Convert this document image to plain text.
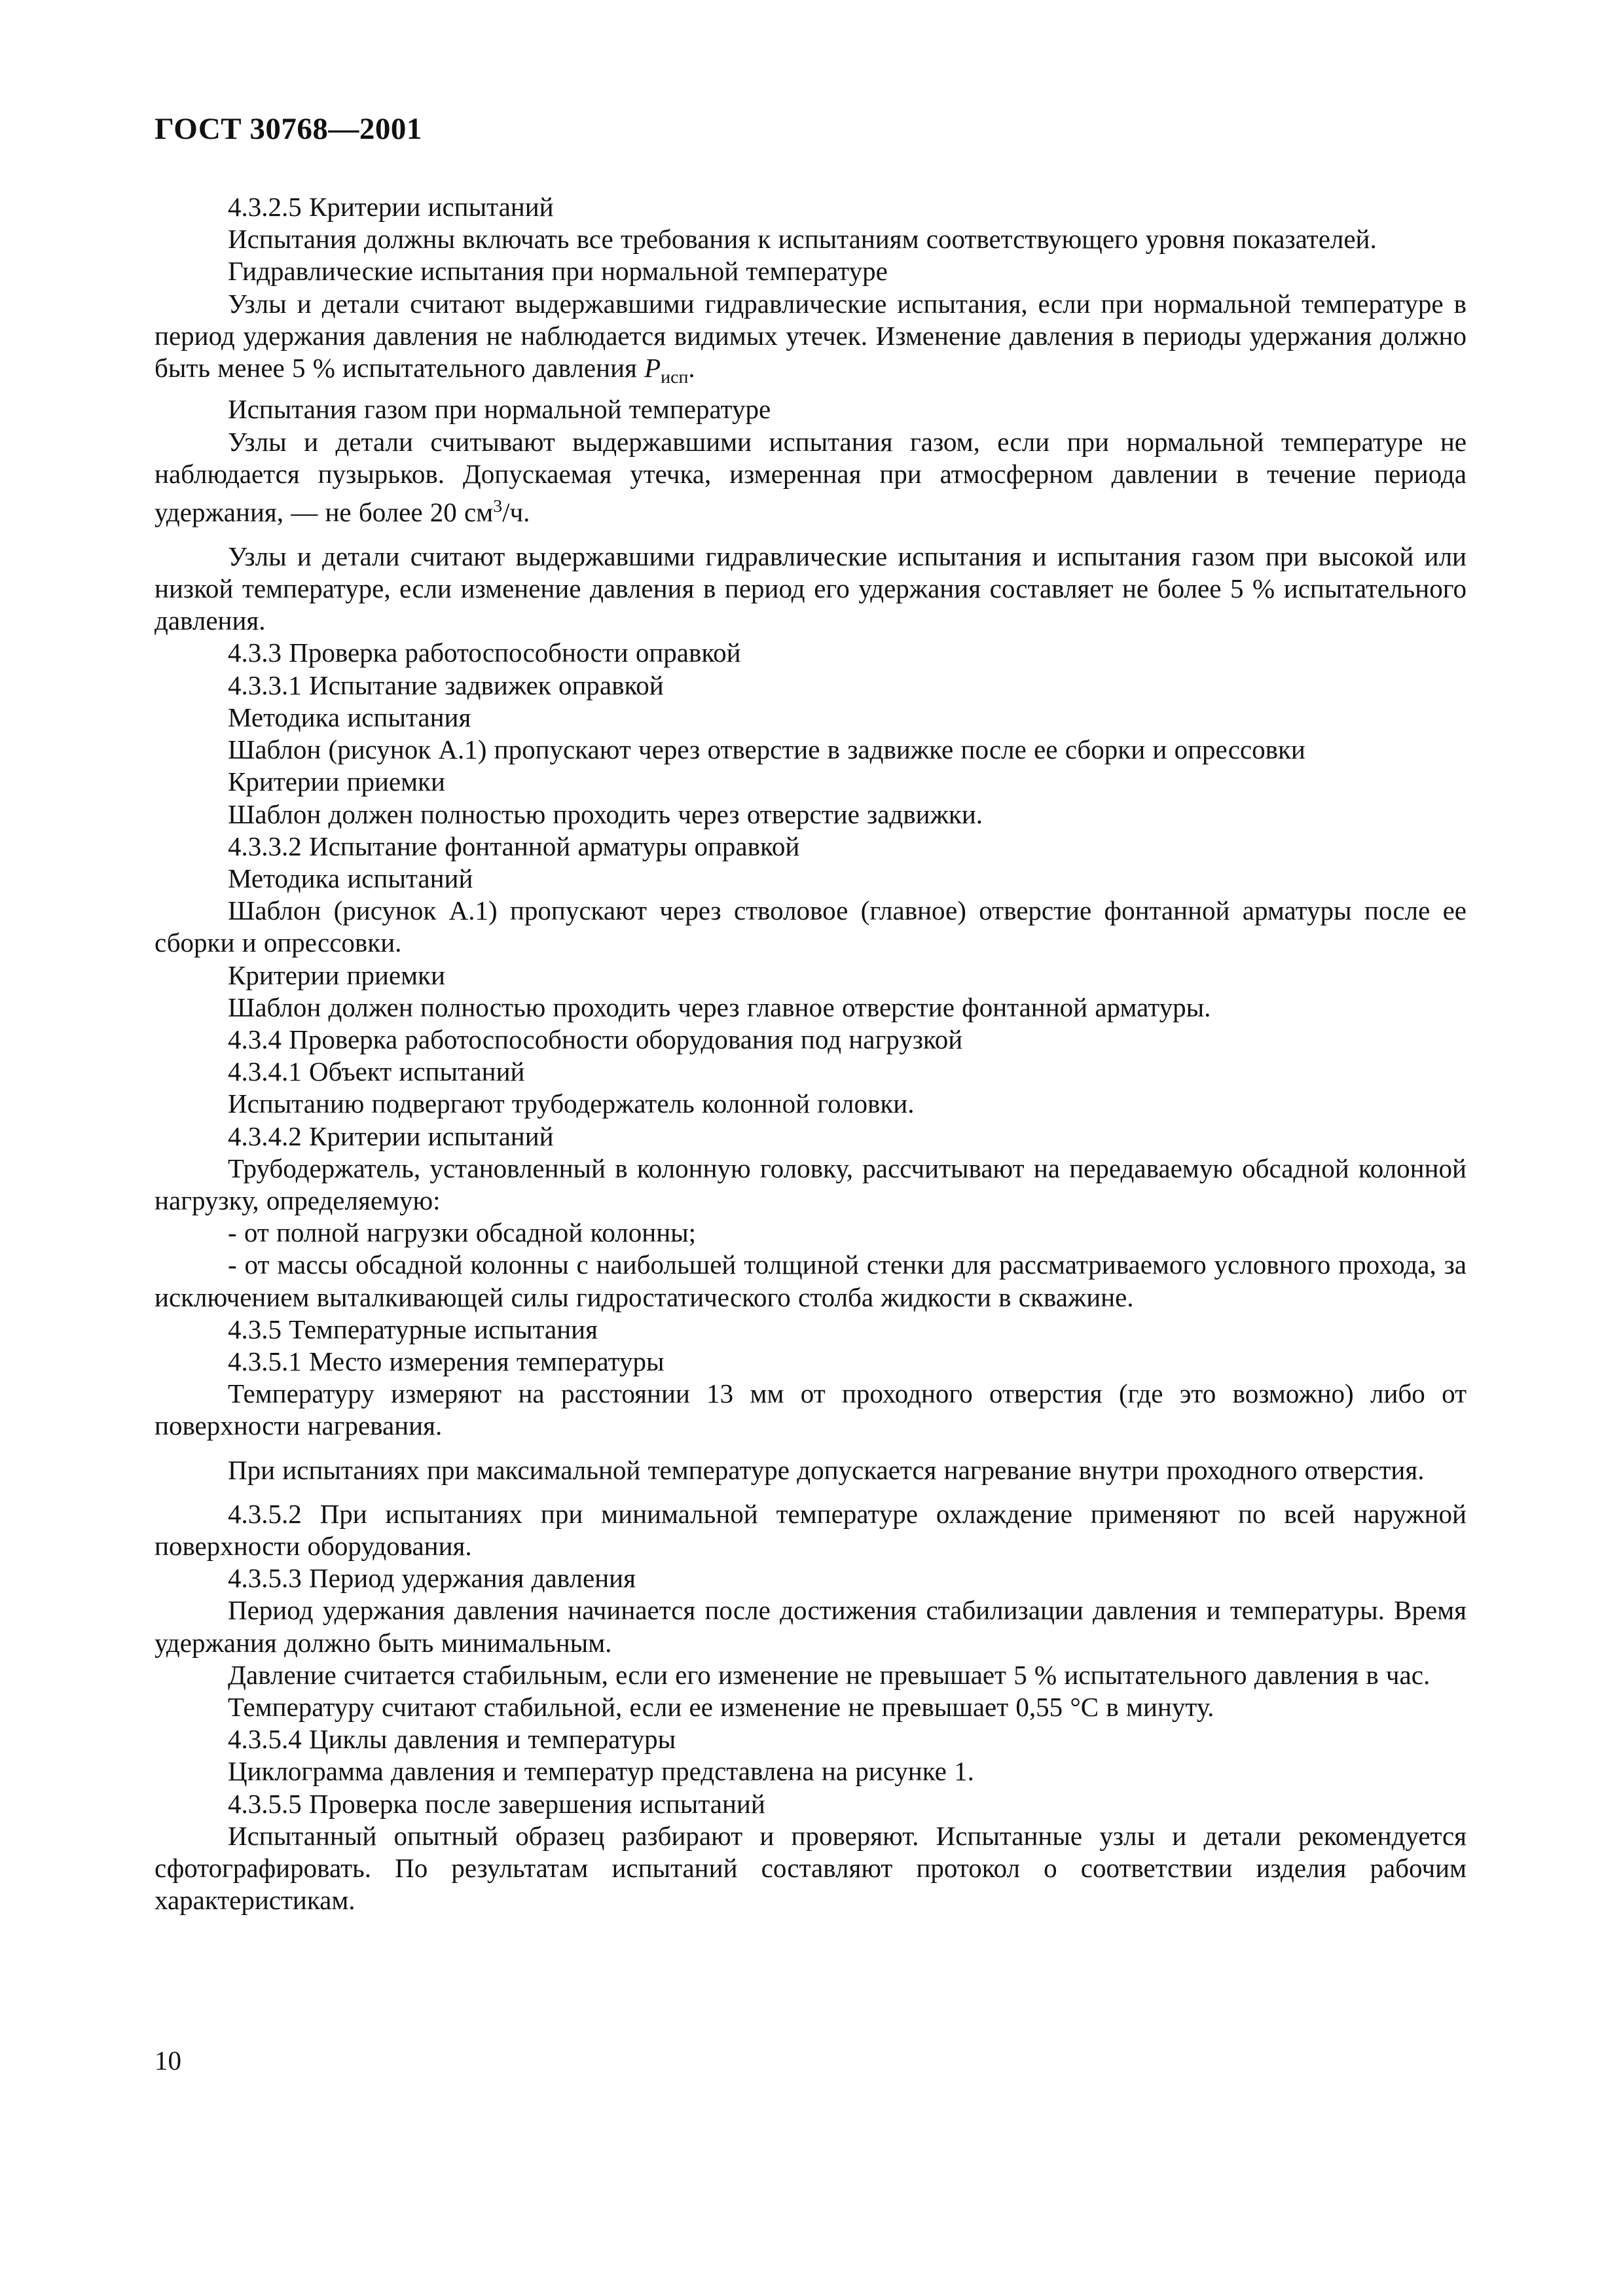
ГОСТ 30768—2001

4.3.2.5 Критерии испытаний

Испытания должны включать все требования к испытаниям соответствующего уровня показателей.

Гидравлические испытания при нормальной температуре

Узлы и детали считают выдержавшими гидравлические испытания, если при нормальной температуре в период удержания давления не наблюдается видимых утечек. Изменение давления в периоды удержания должно быть менее 5 % испытательного давления $P_{исп}$.

Испытания газом при нормальной температуре

Узлы и детали считывают выдержавшими испытания газом, если при нормальной температуре не наблюдается пузырьков. Допускаемая утечка, измеренная при атмосферном давлении в течение периода удержания, — не более 20 $см^3/ч$.

Узлы и детали считают выдержавшими гидравлические испытания и испытания газом при высокой или низкой температуре, если изменение давления в период его удержания составляет не более 5 % испытательного давления.

4.3.3 Проверка работоспособности оправкой

4.3.3.1 Испытание задвижек оправкой

Методика испытания

Шаблон (рисунок А.1) пропускают через отверстие в задвижке после ее сборки и опрессовки

Критерии приемки

Шаблон должен полностью проходить через отверстие задвижки.

4.3.3.2 Испытание фонтанной арматуры оправкой

Методика испытаний

Шаблон (рисунок А.1) пропускают через стволовое (главное) отверстие фонтанной арматуры после ее сборки и опрессовки.

Критерии приемки

Шаблон должен полностью проходить через главное отверстие фонтанной арматуры.

4.3.4 Проверка работоспособности оборудования под нагрузкой

4.3.4.1 Объект испытаний

Испытанию подвергают трубодержатель колонной головки.

4.3.4.2 Критерии испытаний

Трубодержатель, установленный в колонную головку, рассчитывают на передаваемую обсадной колонной нагрузку, определяемую:

- от полной нагрузки обсадной колонны;

- от массы обсадной колонны с наибольшей толщиной стенки для рассматриваемого условного прохода, за исключением выталкивающей силы гидростатического столба жидкости в скважине.

4.3.5 Температурные испытания

4.3.5.1 Место измерения температуры

Температуру измеряют на расстоянии 13 мм от проходного отверстия (где это возможно) либо от поверхности нагревания.

При испытаниях при максимальной температуре допускается нагревание внутри проходного отверстия.

4.3.5.2 При испытаниях при минимальной температуре охлаждение применяют по всей наружной поверхности оборудования.

4.3.5.3 Период удержания давления

Период удержания давления начинается после достижения стабилизации давления и температуры. Время удержания должно быть минимальным.

Давление считается стабильным, если его изменение не превышает 5 % испытательного давления в час.

Температуру считают стабильной, если ее изменение не превышает 0,55 °С в минуту.

4.3.5.4 Циклы давления и температуры

Циклограмма давления и температур представлена на рисунке 1.

4.3.5.5 Проверка после завершения испытаний

Испытанный опытный образец разбирают и проверяют. Испытанные узлы и детали рекомендуется сфотографировать. По результатам испытаний составляют протокол о соответствии изделия рабочим характеристикам.

10
